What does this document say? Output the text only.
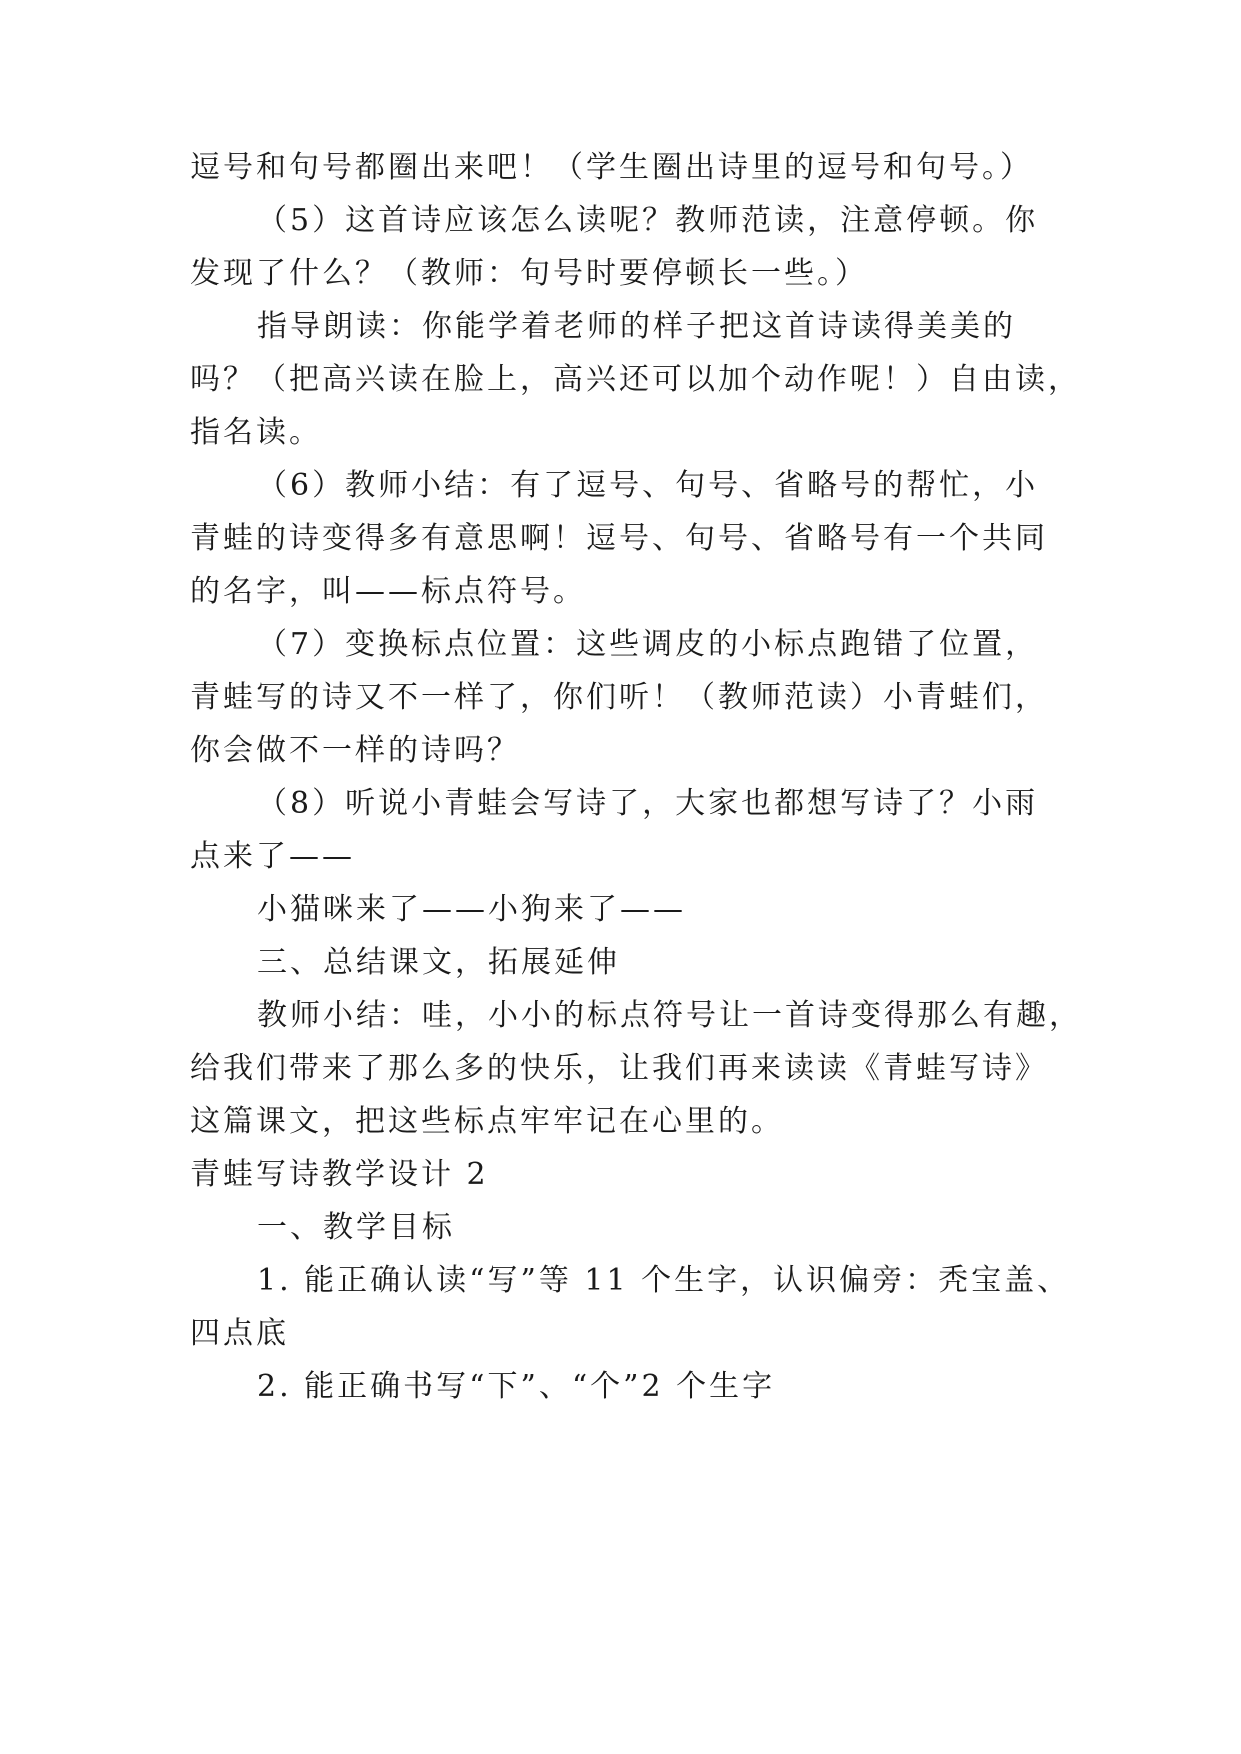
逗号和句号都圈出来吧！（学生圈出诗里的逗号和句号。）
（5）这首诗应该怎么读呢？教师范读，注意停顿。你
发现了什么？（教师：句号时要停顿长一些。）
指导朗读：你能学着老师的样子把这首诗读得美美的
吗？（把高兴读在脸上，高兴还可以加个动作呢！）自由读，
指名读。
（6）教师小结：有了逗号、句号、省略号的帮忙，小
青蛙的诗变得多有意思啊！逗号、句号、省略号有一个共同
的名字，叫——标点符号。
（7）变换标点位置：这些调皮的小标点跑错了位置，
青蛙写的诗又不一样了，你们听！（教师范读）小青蛙们，
你会做不一样的诗吗？
（8）听说小青蛙会写诗了，大家也都想写诗了？小雨
点来了——
小猫咪来了——小狗来了——
三、总结课文，拓展延伸
教师小结：哇，小小的标点符号让一首诗变得那么有趣，
给我们带来了那么多的快乐，让我们再来读读《青蛙写诗》
这篇课文，把这些标点牢牢记在心里的。
青蛙写诗教学设计 2
一、教学目标
1. 能正确认读“写”等 11 个生字，认识偏旁：秃宝盖、
四点底
2. 能正确书写“下”、“个”2 个生字
